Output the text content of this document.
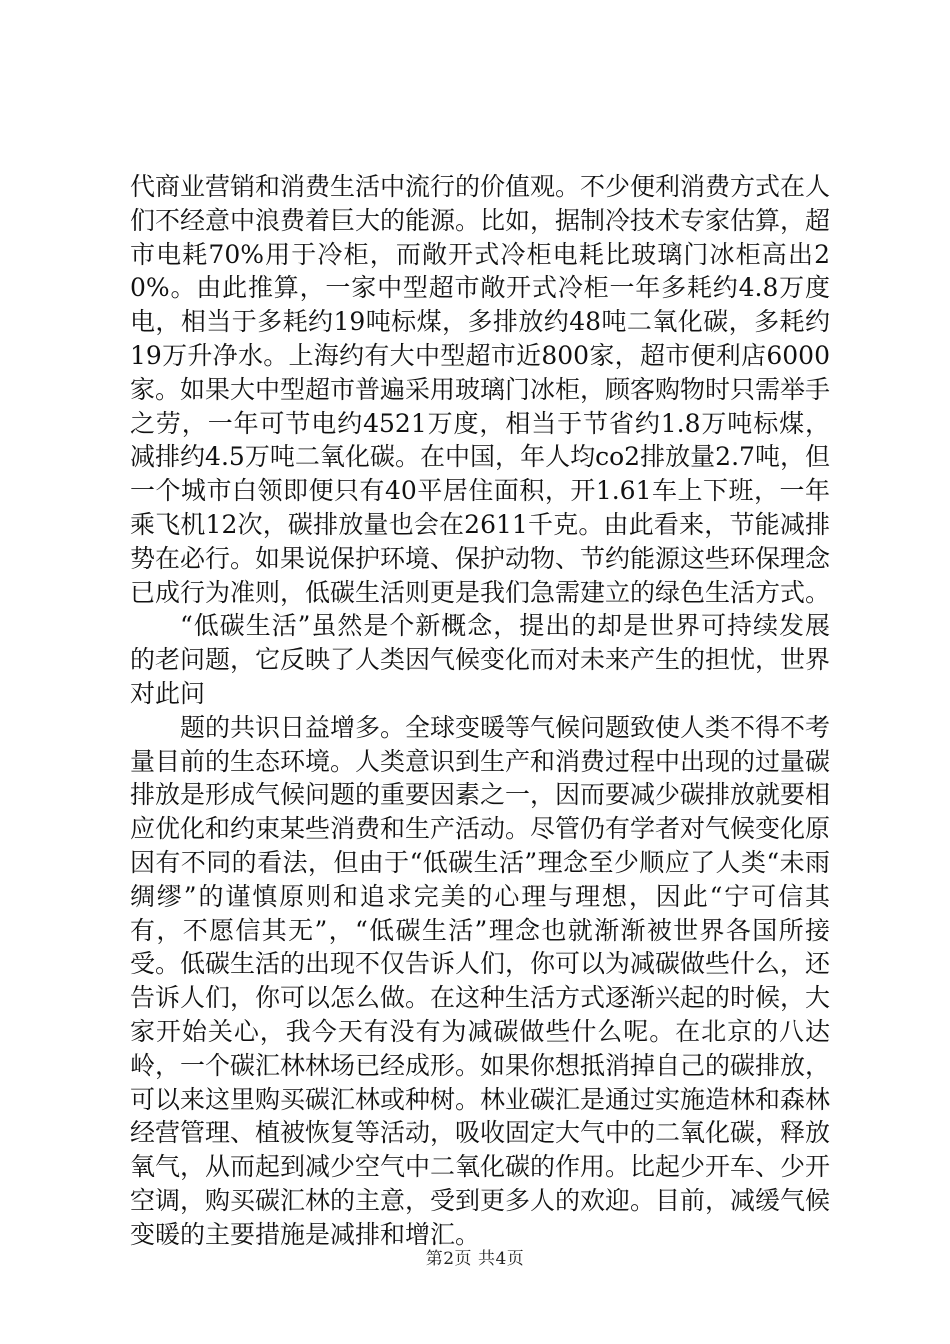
代商业营销和消费生活中流行的价值观。不少便利消费方式在人们不经意中浪费着巨大的能源。比如，据制冷技术专家估算，超市电耗70%用于冷柜，而敞开式冷柜电耗比玻璃门冰柜高出20%。由此推算，一家中型超市敞开式冷柜一年多耗约4.8万度电，相当于多耗约19吨标煤，多排放约48吨二氧化碳，多耗约19万升净水。上海约有大中型超市近800家，超市便利店6000家。如果大中型超市普遍采用玻璃门冰柜，顾客购物时只需举手之劳，一年可节电约4521万度，相当于节省约1.8万吨标煤，减排约4.5万吨二氧化碳。在中国，年人均co2排放量2.7吨，但一个城市白领即便只有40平居住面积，开1.61车上下班，一年乘飞机12次，碳排放量也会在2611千克。由此看来，节能减排势在必行。如果说保护环境、保护动物、节约能源这些环保理念已成行为准则，低碳生活则更是我们急需建立的绿色生活方式。

“低碳生活”虽然是个新概念，提出的却是世界可持续发展的老问题，它反映了人类因气候变化而对未来产生的担忧，世界对此问

题的共识日益增多。全球变暖等气候问题致使人类不得不考量目前的生态环境。人类意识到生产和消费过程中出现的过量碳排放是形成气候问题的重要因素之一，因而要减少碳排放就要相应优化和约束某些消费和生产活动。尽管仍有学者对气候变化原因有不同的看法，但由于“低碳生活”理念至少顺应了人类“未雨绸缪”的谨慎原则和追求完美的心理与理想，因此“宁可信其有，不愿信其无”，“低碳生活”理念也就渐渐被世界各国所接受。低碳生活的出现不仅告诉人们，你可以为减碳做些什么，还告诉人们，你可以怎么做。在这种生活方式逐渐兴起的时候，大家开始关心，我今天有没有为减碳做些什么呢。在北京的八达岭，一个碳汇林林场已经成形。如果你想抵消掉自己的碳排放，可以来这里购买碳汇林或种树。林业碳汇是通过实施造林和森林经营管理、植被恢复等活动，吸收固定大气中的二氧化碳，释放氧气，从而起到减少空气中二氧化碳的作用。比起少开车、少开空调，购买碳汇林的主意，受到更多人的欢迎。目前，减缓气候变暖的主要措施是减排和增汇。

第2页 共4页
